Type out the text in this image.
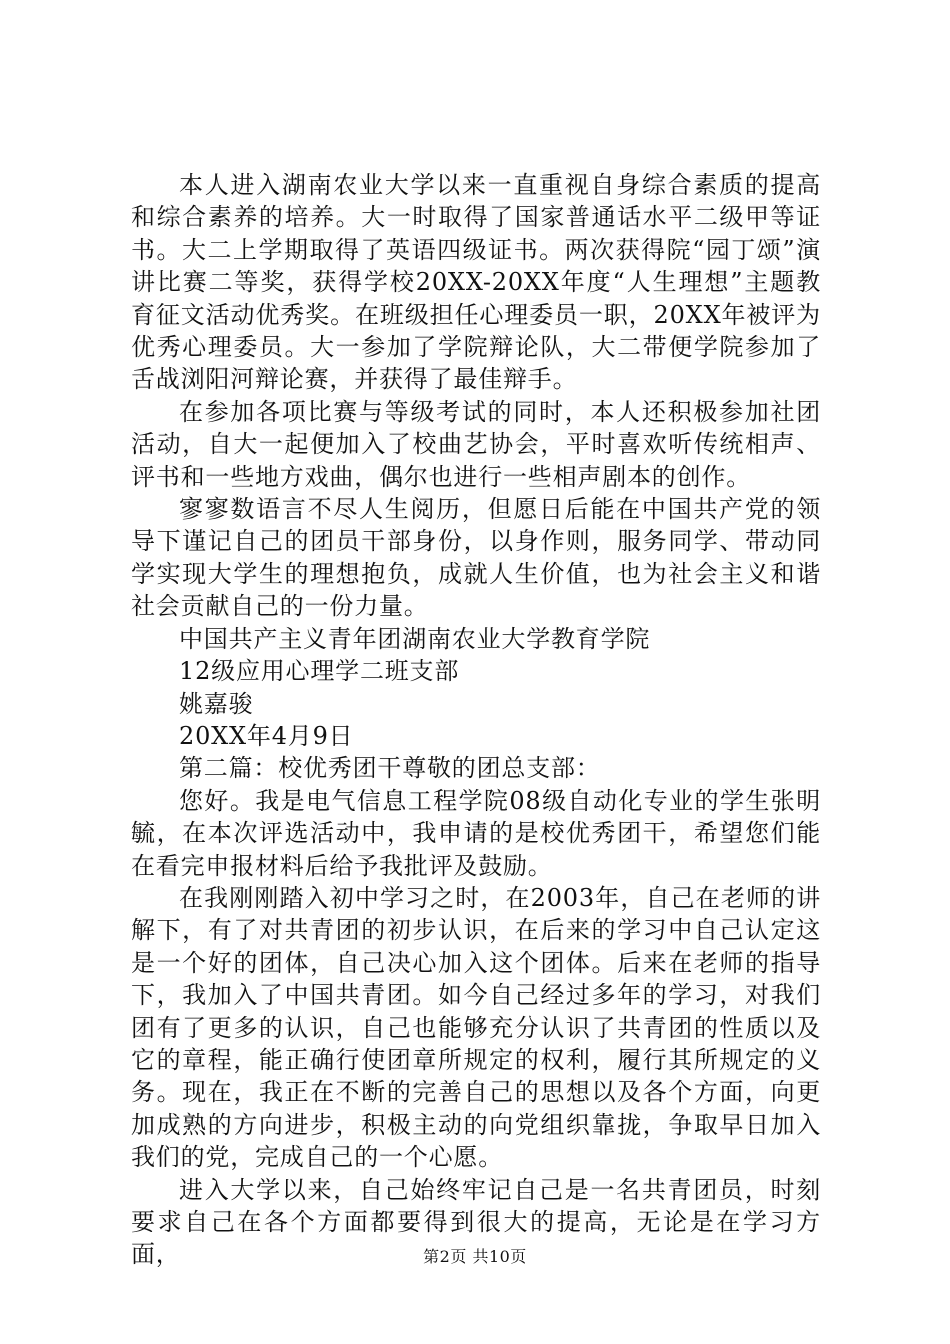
本人进入湖南农业大学以来一直重视自身综合素质的提高和综合素养的培养。大一时取得了国家普通话水平二级甲等证书。大二上学期取得了英语四级证书。两次获得院“园丁颂”演讲比赛二等奖，获得学校20XX-20XX年度“人生理想”主题教育征文活动优秀奖。在班级担任心理委员一职，20XX年被评为优秀心理委员。大一参加了学院辩论队，大二带便学院参加了舌战浏阳河辩论赛，并获得了最佳辩手。

在参加各项比赛与等级考试的同时，本人还积极参加社团活动，自大一起便加入了校曲艺协会，平时喜欢听传统相声、评书和一些地方戏曲，偶尔也进行一些相声剧本的创作。

寥寥数语言不尽人生阅历，但愿日后能在中国共产党的领导下谨记自己的团员干部身份，以身作则，服务同学、带动同学实现大学生的理想抱负，成就人生价值，也为社会主义和谐社会贡献自己的一份力量。

中国共产主义青年团湖南农业大学教育学院

12级应用心理学二班支部

姚嘉骏

20XX年4月9日

第二篇：校优秀团干尊敬的团总支部：

您好。我是电气信息工程学院08级自动化专业的学生张明毓，在本次评选活动中，我申请的是校优秀团干，希望您们能在看完申报材料后给予我批评及鼓励。

在我刚刚踏入初中学习之时，在2003年，自己在老师的讲解下，有了对共青团的初步认识，在后来的学习中自己认定这是一个好的团体，自己决心加入这个团体。后来在老师的指导下，我加入了中国共青团。如今自己经过多年的学习，对我们团有了更多的认识，自己也能够充分认识了共青团的性质以及它的章程，能正确行使团章所规定的权利，履行其所规定的义务。现在，我正在不断的完善自己的思想以及各个方面，向更加成熟的方向进步，积极主动的向党组织靠拢，争取早日加入我们的党，完成自己的一个心愿。

进入大学以来，自己始终牢记自己是一名共青团员，时刻要求自己在各个方面都要得到很大的提高，无论是在学习方面，	第2页 共10页
